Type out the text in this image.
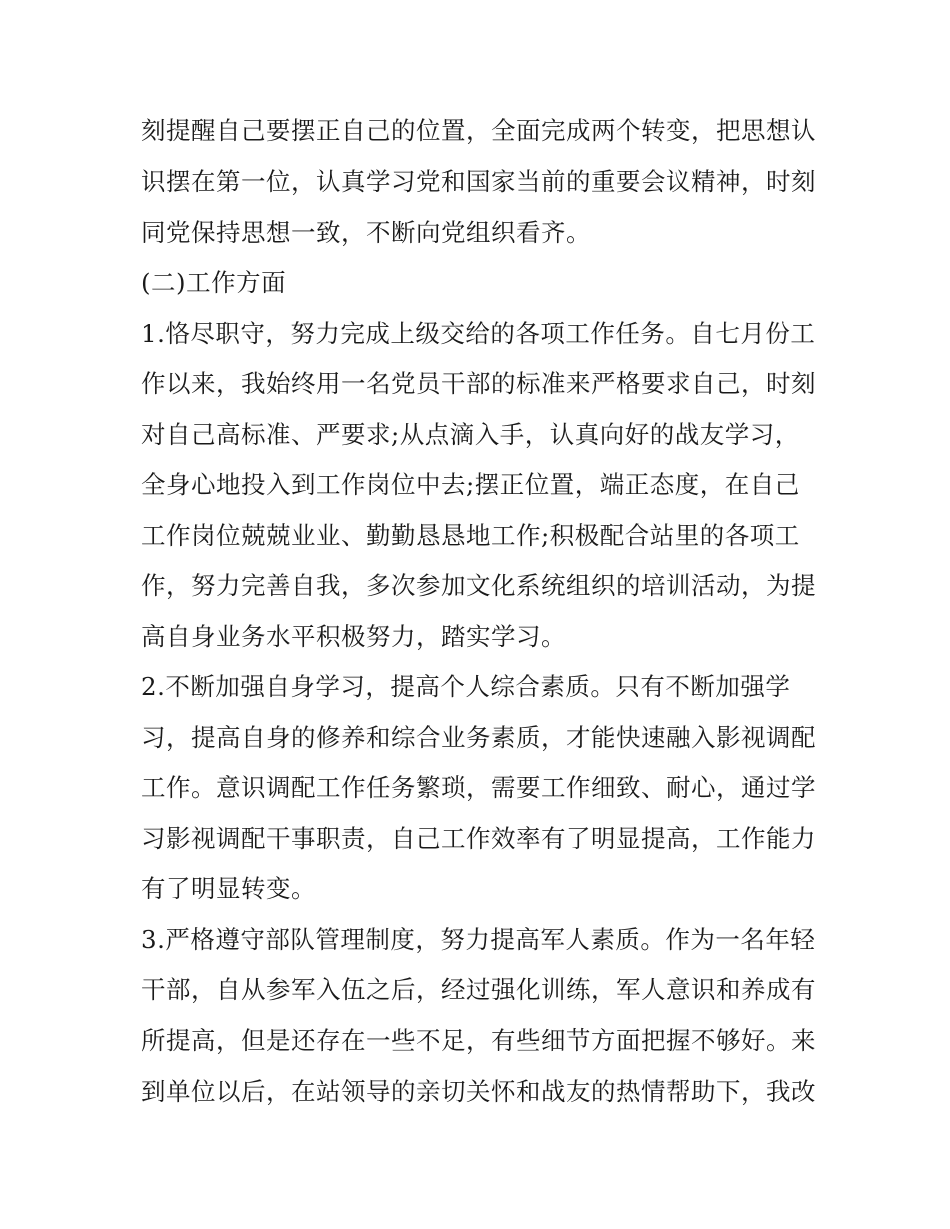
刻提醒自己要摆正自己的位置，全面完成两个转变，把思想认
识摆在第一位，认真学习党和国家当前的重要会议精神，时刻
同党保持思想一致，不断向党组织看齐。
(二)工作方面
1.恪尽职守，努力完成上级交给的各项工作任务。自七月份工
作以来，我始终用一名党员干部的标准来严格要求自己，时刻
对自己高标准、严要求;从点滴入手，认真向好的战友学习，
全身心地投入到工作岗位中去;摆正位置，端正态度，在自己
工作岗位兢兢业业、勤勤恳恳地工作;积极配合站里的各项工
作，努力完善自我，多次参加文化系统组织的培训活动，为提
高自身业务水平积极努力，踏实学习。
2.不断加强自身学习，提高个人综合素质。只有不断加强学
习，提高自身的修养和综合业务素质，才能快速融入影视调配
工作。意识调配工作任务繁琐，需要工作细致、耐心，通过学
习影视调配干事职责，自己工作效率有了明显提高，工作能力
有了明显转变。
3.严格遵守部队管理制度，努力提高军人素质。作为一名年轻
干部，自从参军入伍之后，经过强化训练，军人意识和养成有
所提高，但是还存在一些不足，有些细节方面把握不够好。来
到单位以后，在站领导的亲切关怀和战友的热情帮助下，我改
